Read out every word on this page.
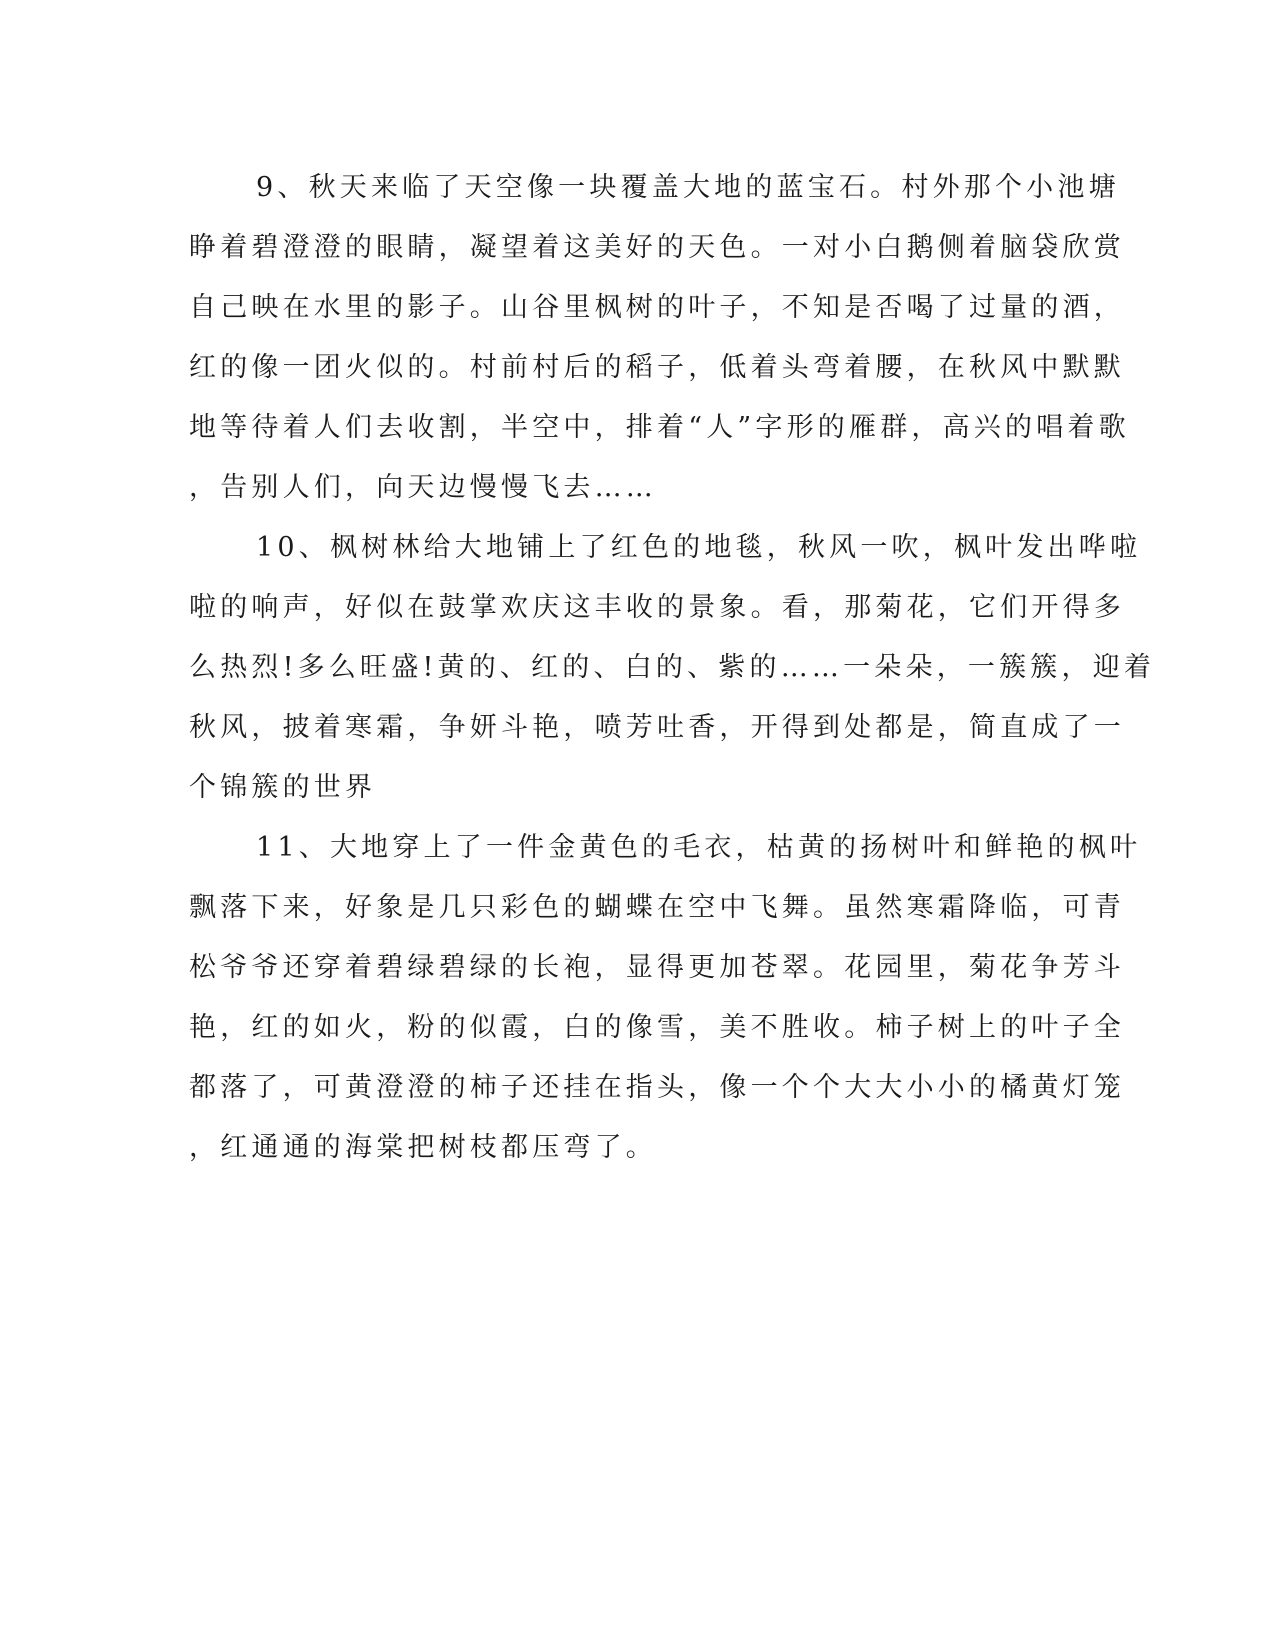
9、秋天来临了天空像一块覆盖大地的蓝宝石。村外那个小池塘
睁着碧澄澄的眼睛，凝望着这美好的天色。一对小白鹅侧着脑袋欣赏
自己映在水里的影子。山谷里枫树的叶子，不知是否喝了过量的酒，
红的像一团火似的。村前村后的稻子，低着头弯着腰，在秋风中默默
地等待着人们去收割，半空中，排着“人”字形的雁群，高兴的唱着歌
，告别人们，向天边慢慢飞去……
10、枫树林给大地铺上了红色的地毯，秋风一吹，枫叶发出哗啦
啦的响声，好似在鼓掌欢庆这丰收的景象。看，那菊花，它们开得多
么热烈!多么旺盛!黄的、红的、白的、紫的……一朵朵，一簇簇，迎着
秋风，披着寒霜，争妍斗艳，喷芳吐香，开得到处都是，简直成了一
个锦簇的世界
11、大地穿上了一件金黄色的毛衣，枯黄的扬树叶和鲜艳的枫叶
飘落下来，好象是几只彩色的蝴蝶在空中飞舞。虽然寒霜降临，可青
松爷爷还穿着碧绿碧绿的长袍，显得更加苍翠。花园里，菊花争芳斗
艳，红的如火，粉的似霞，白的像雪，美不胜收。柿子树上的叶子全
都落了，可黄澄澄的柿子还挂在指头，像一个个大大小小的橘黄灯笼
，红通通的海棠把树枝都压弯了。
